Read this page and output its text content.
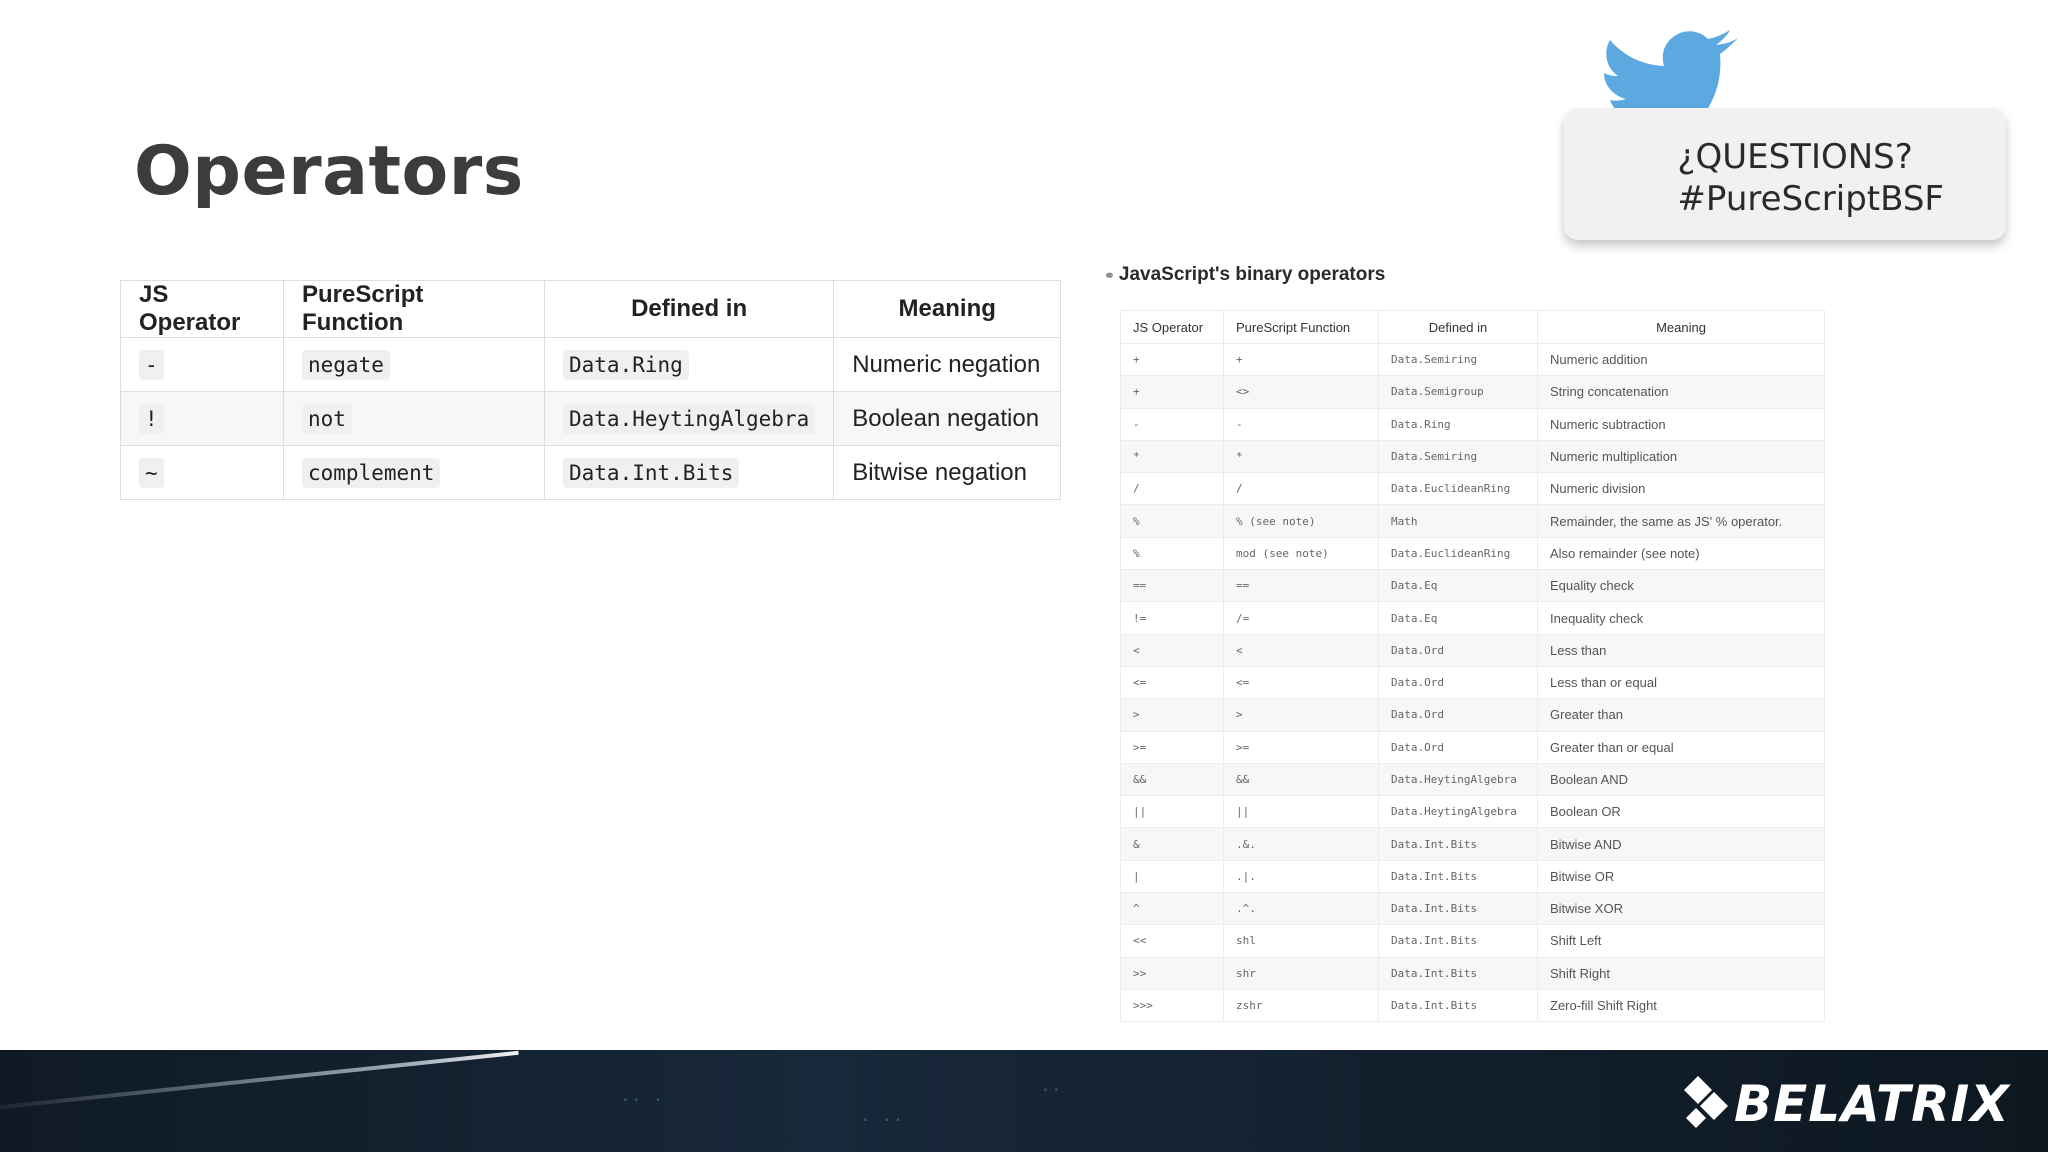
Operators	¿QUESTIONS?
#PureScriptBSF
JS Operator	PureScript Function	Defined in	Meaning
-	negate	Data.Ring	Numeric negation
!	not	Data.HeytingAlgebra	Boolean negation
~	complement	Data.Int.Bits	Bitwise negation
⚭ JavaScript's binary operators
JS Operator	PureScript Function	Defined in	Meaning
+	+	Data.Semiring	Numeric addition
+	<>	Data.Semigroup	String concatenation
-	-	Data.Ring	Numeric subtraction
*	*	Data.Semiring	Numeric multiplication
/	/	Data.EuclideanRing	Numeric division
%	% (see note)	Math	Remainder, the same as JS' % operator.
%	mod (see note)	Data.EuclideanRing	Also remainder (see note)
==	==	Data.Eq	Equality check
!=	/=	Data.Eq	Inequality check
<	<	Data.Ord	Less than
<=	<=	Data.Ord	Less than or equal
>	>	Data.Ord	Greater than
>=	>=	Data.Ord	Greater than or equal
&&	&&	Data.HeytingAlgebra	Boolean AND
||	||	Data.HeytingAlgebra	Boolean OR
&	.&.	Data.Int.Bits	Bitwise AND
|	.|.	Data.Int.Bits	Bitwise OR
^	.^.	Data.Int.Bits	Bitwise XOR
<<	shl	Data.Int.Bits	Shift Left
>>	shr	Data.Int.Bits	Shift Right
>>>	zshr	Data.Int.Bits	Zero-fill Shift Right
·· ·
· ··
··	BELATRIX
